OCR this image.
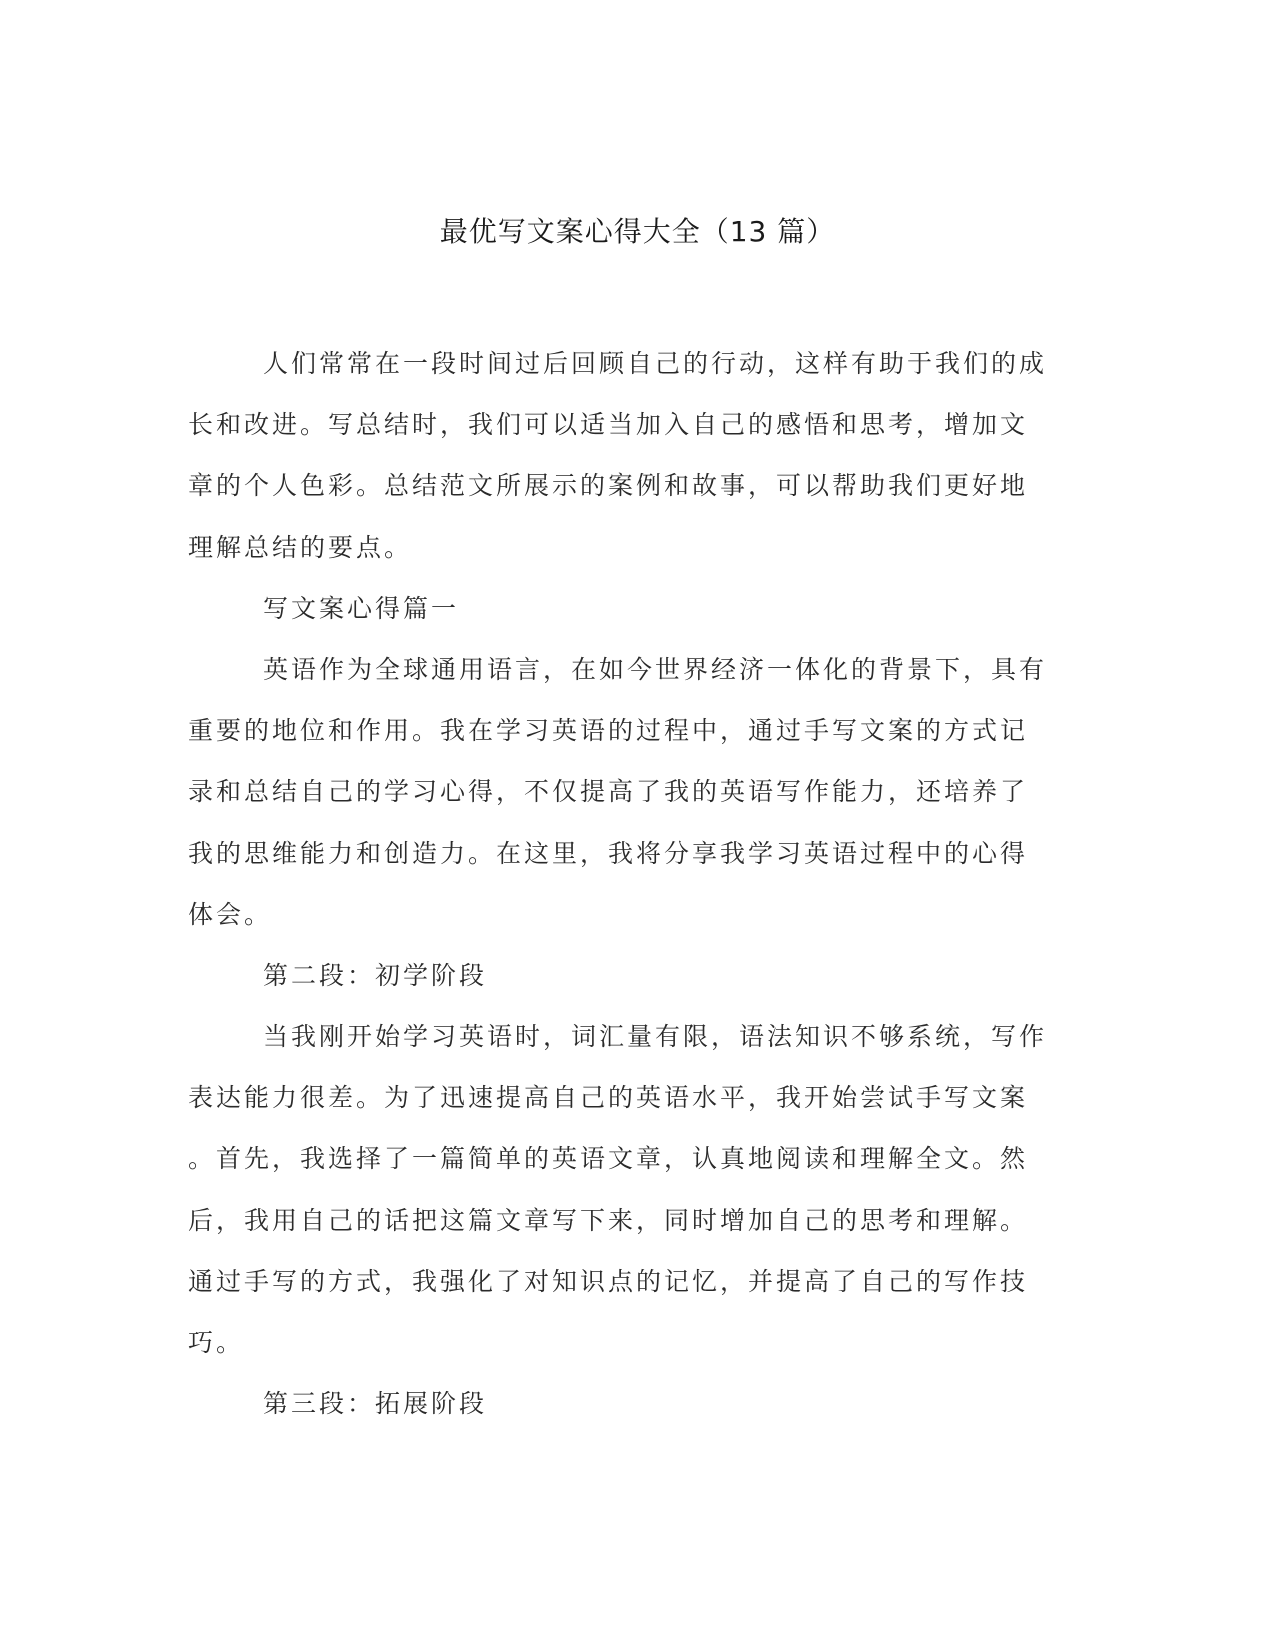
最优写文案心得大全（13 篇）
人们常常在一段时间过后回顾自己的行动，这样有助于我们的成
长和改进。写总结时，我们可以适当加入自己的感悟和思考，增加文
章的个人色彩。总结范文所展示的案例和故事，可以帮助我们更好地
理解总结的要点。
写文案心得篇一
英语作为全球通用语言，在如今世界经济一体化的背景下，具有
重要的地位和作用。我在学习英语的过程中，通过手写文案的方式记
录和总结自己的学习心得，不仅提高了我的英语写作能力，还培养了
我的思维能力和创造力。在这里，我将分享我学习英语过程中的心得
体会。
第二段：初学阶段
当我刚开始学习英语时，词汇量有限，语法知识不够系统，写作
表达能力很差。为了迅速提高自己的英语水平，我开始尝试手写文案
。首先，我选择了一篇简单的英语文章，认真地阅读和理解全文。然
后，我用自己的话把这篇文章写下来，同时增加自己的思考和理解。
通过手写的方式，我强化了对知识点的记忆，并提高了自己的写作技
巧。
第三段：拓展阶段
